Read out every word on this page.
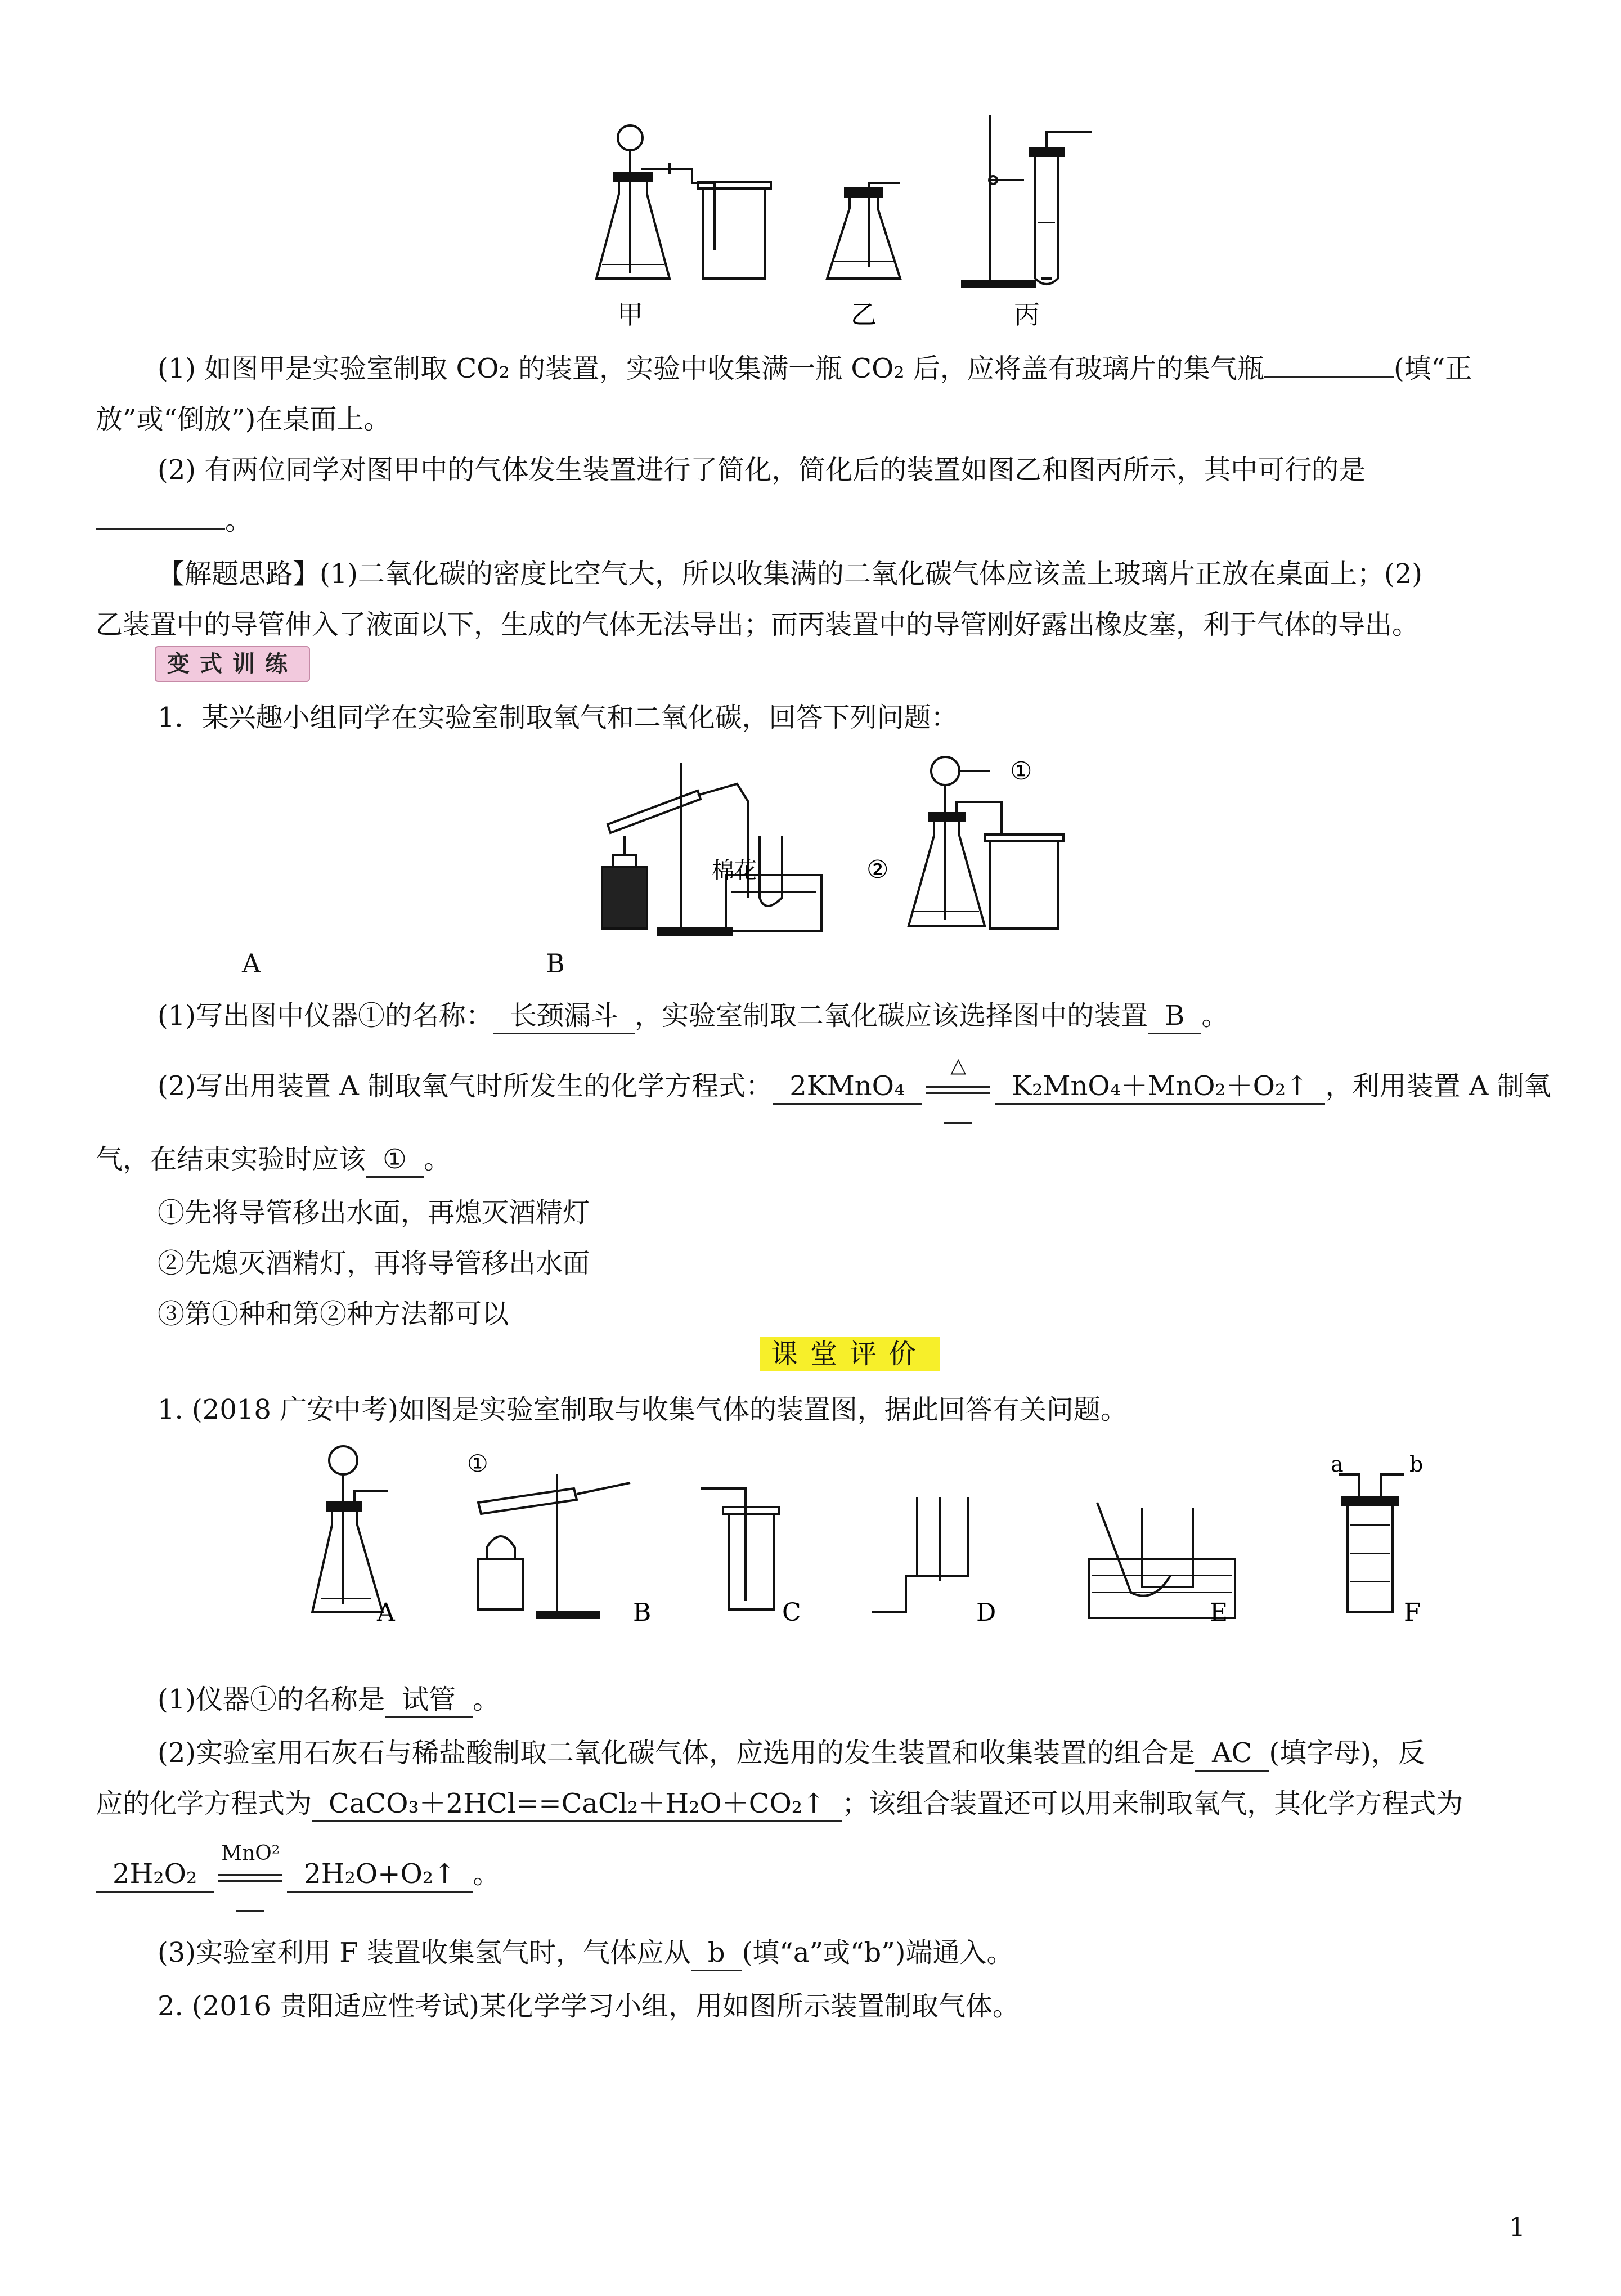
甲	乙	丙
(1) 如图甲是实验室制取 CO₂ 的装置，实验中收集满一瓶 CO₂ 后，应将盖有玻璃片的集气瓶	(填“正
放”或“倒放”)在桌面上。
(2) 有两位同学对图甲中的气体发生装置进行了简化，简化后的装置如图乙和图丙所示，其中可行的是
。
【解题思路】(1)二氧化碳的密度比空气大，所以收集满的二氧化碳气体应该盖上玻璃片正放在桌面上；(2)
乙装置中的导管伸入了液面以下，生成的气体无法导出；而丙装置中的导管刚好露出橡皮塞，利于气体的导出。
变式训练
1．某兴趣小组同学在实验室制取氧气和二氧化碳，回答下列问题：
棉花
①
②
A	B
(1)写出图中仪器①的名称： 长颈漏斗 ，实验室制取二氧化碳应该选择图中的装置 B 。
(2)写出用装置 A 制取氧气时所发生的化学方程式： 2KMnO₄
△
K₂MnO₄＋MnO₂＋O₂↑ ，利用装置 A 制氧
气，在结束实验时应该 ① 。
①先将导管移出水面，再熄灭酒精灯
②先熄灭酒精灯，再将导管移出水面
③第①种和第②种方法都可以
课堂评价
1. (2018 广安中考)如图是实验室制取与收集气体的装置图，据此回答有关问题。
A	B	C	D	E	F
①	a	b
(1)仪器①的名称是 试管 。
(2)实验室用石灰石与稀盐酸制取二氧化碳气体，应选用的发生装置和收集装置的组合是 AC (填字母)，反
应的化学方程式为 CaCO₃＋2HCl==CaCl₂＋H₂O＋CO₂↑ ；该组合装置还可以用来制取氧气，其化学方程式为
2H₂O₂
MnO²
2H₂O+O₂↑ 。
(3)实验室利用 F 装置收集氢气时，气体应从 b (填“a”或“b”)端通入。
2. (2016 贵阳适应性考试)某化学学习小组，用如图所示装置制取气体。
1
